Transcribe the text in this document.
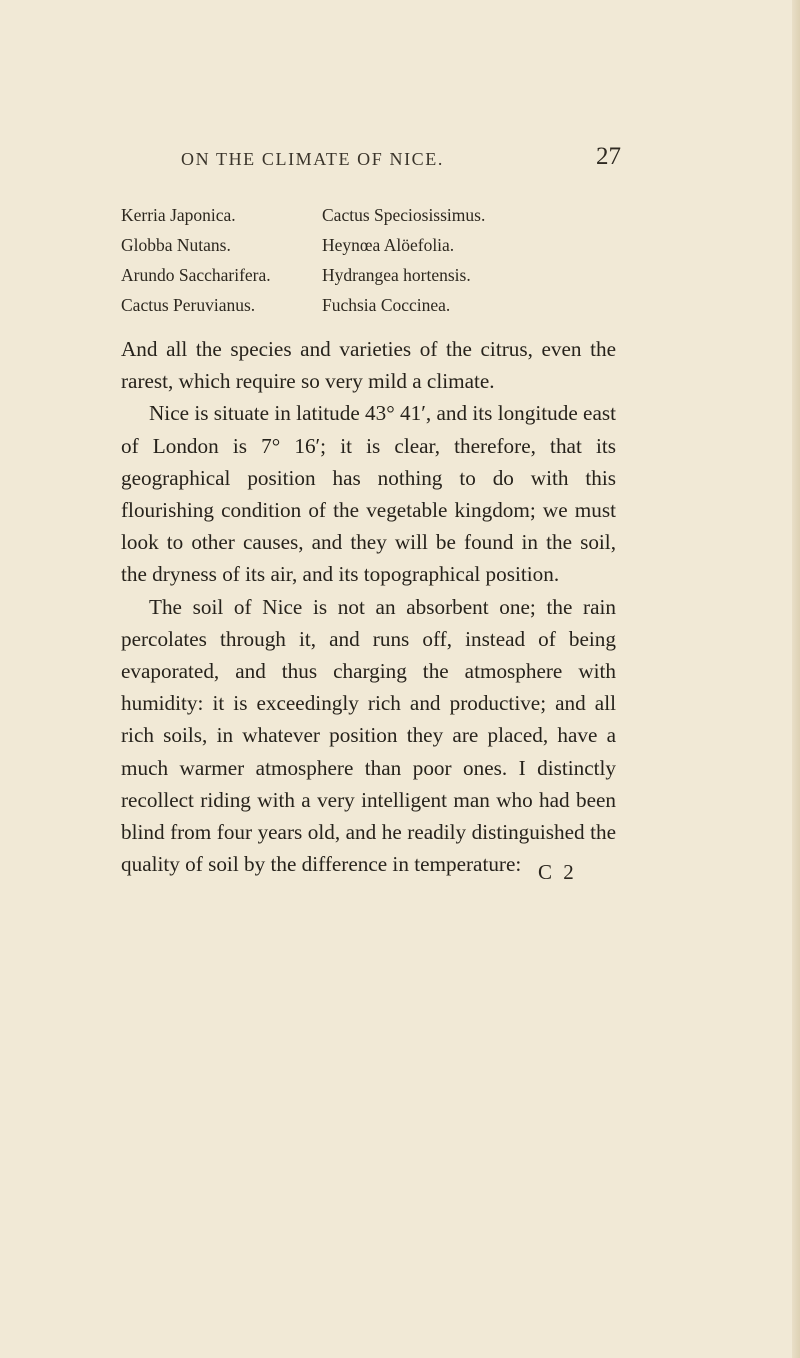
ON THE CLIMATE OF NICE.	27
Kerria Japonica.	Cactus Speciosissimus.
Globba Nutans.	Heynœa Alöefolia.
Arundo Saccharifera.	Hydrangea hortensis.
Cactus Peruvianus.	Fuchsia Coccinea.

And all the species and varieties of the citrus, even the rarest, which require so very mild a climate.

Nice is situate in latitude 43° 41′, and its longitude east of London is 7° 16′; it is clear, therefore, that its geographical position has nothing to do with this flourishing condition of the vegetable kingdom; we must look to other causes, and they will be found in the soil, the dryness of its air, and its topographical position.

The soil of Nice is not an absorbent one; the rain percolates through it, and runs off, instead of being evaporated, and thus charging the atmosphere with humidity: it is exceedingly rich and productive; and all rich soils, in whatever position they are placed, have a much warmer atmosphere than poor ones. I distinctly recollect riding with a very intelligent man who had been blind from four years old, and he readily distinguished the quality of soil by the difference in temperature: C 2
